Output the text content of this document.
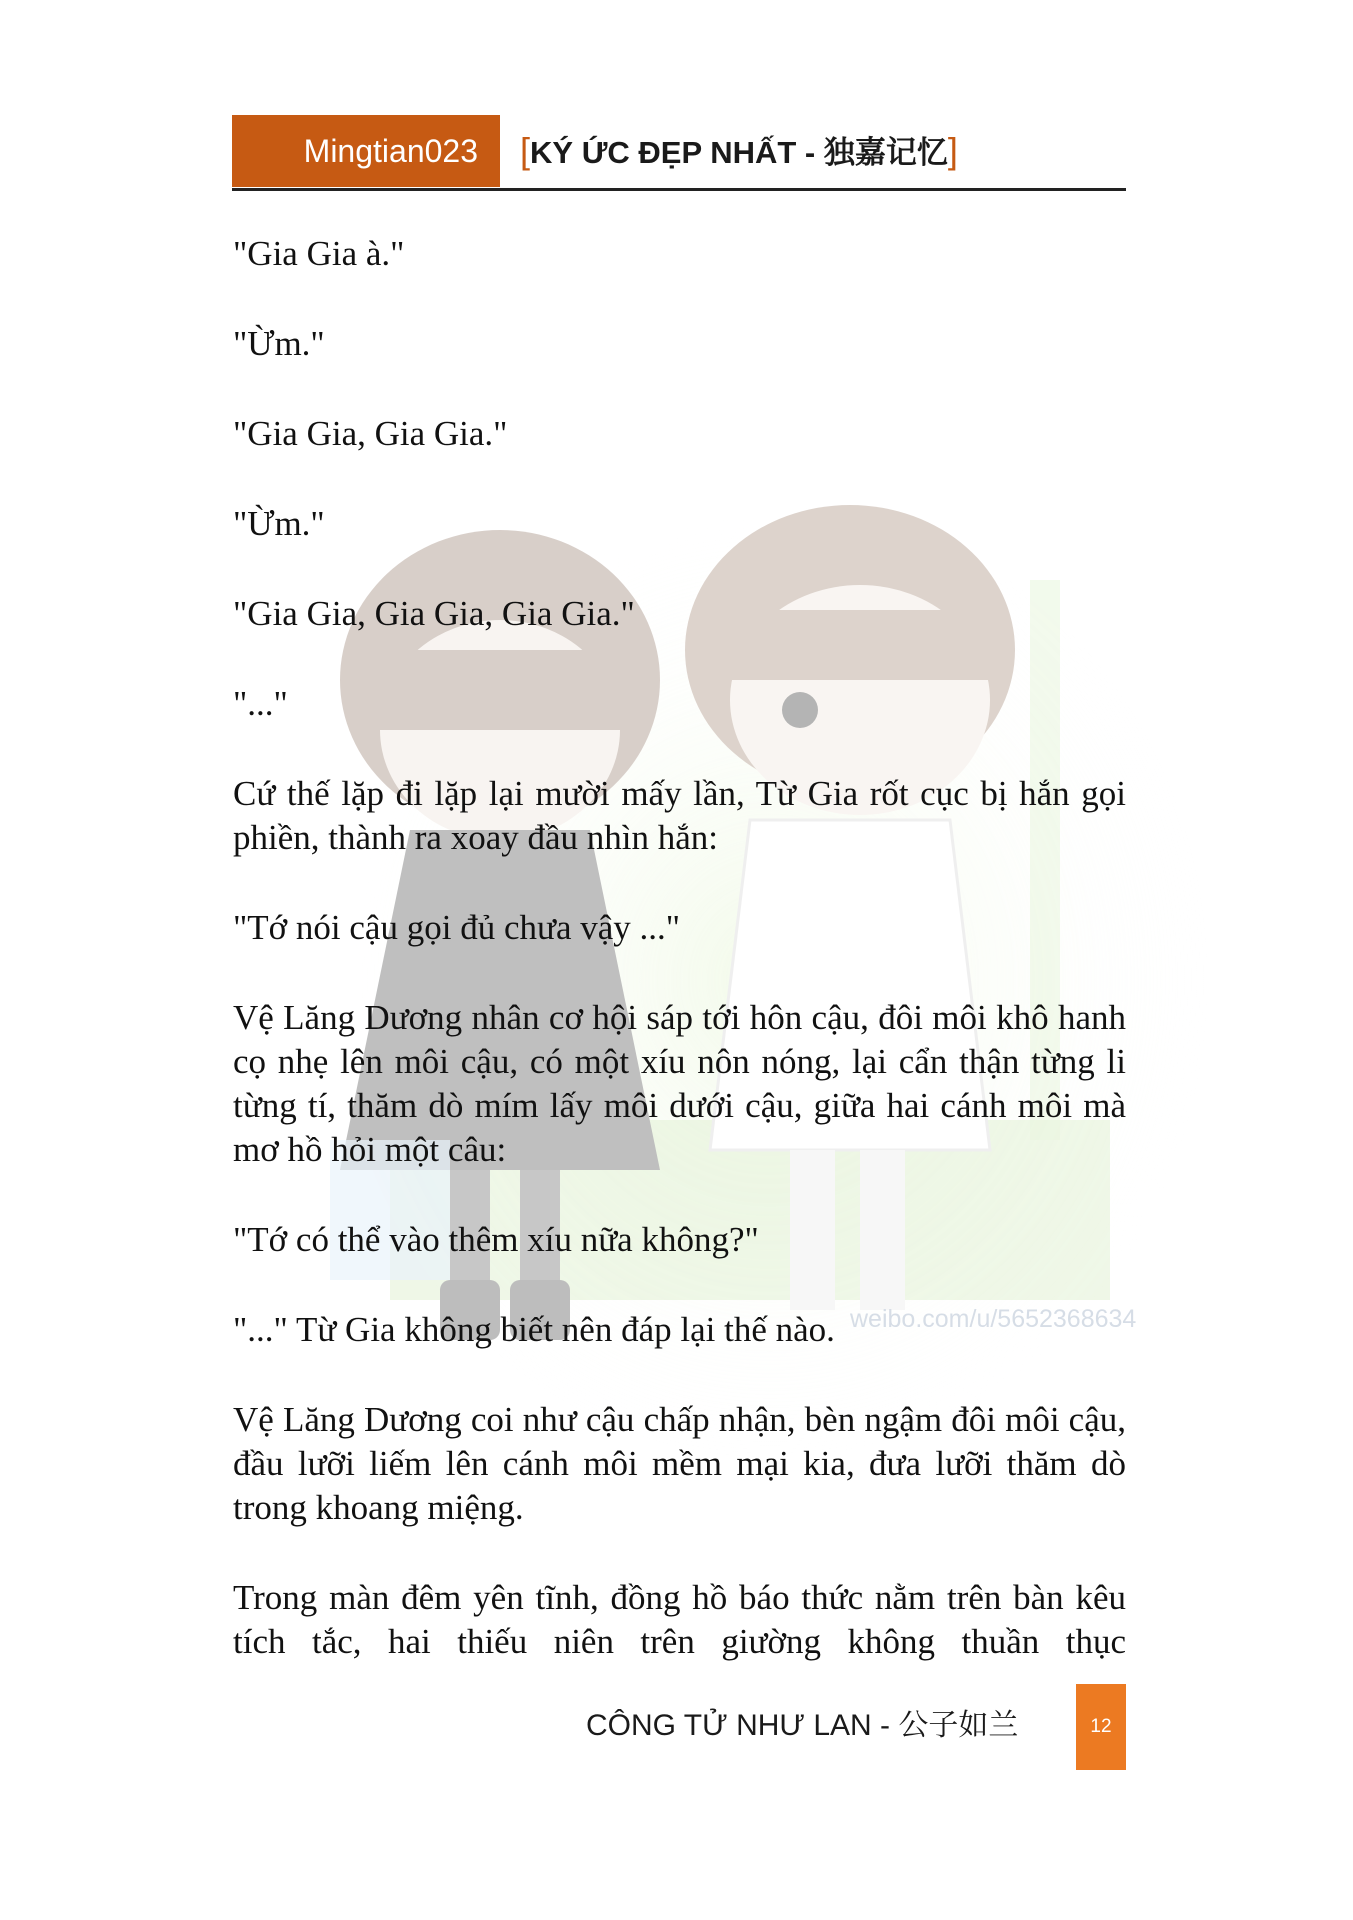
weibo.com/u/5652368634
Mingtian023 [KÝ ỨC ĐẸP NHẤT - 独嘉记忆]

"Gia Gia à."

"Ừm."

"Gia Gia, Gia Gia."

"Ừm."

"Gia Gia, Gia Gia, Gia Gia."

"..."

Cứ thế lặp đi lặp lại mười mấy lần, Từ Gia rốt cục bị hắn gọi phiền, thành ra xoay đầu nhìn hắn:

"Tớ nói cậu gọi đủ chưa vậy ..."

Vệ Lăng Dương nhân cơ hội sáp tới hôn cậu, đôi môi khô hanh cọ nhẹ lên môi cậu, có một xíu nôn nóng, lại cẩn thận từng li từng tí, thăm dò mím lấy môi dưới cậu, giữa hai cánh môi mà mơ hồ hỏi một câu:

"Tớ có thể vào thêm xíu nữa không?"

"..." Từ Gia không biết nên đáp lại thế nào.

Vệ Lăng Dương coi như cậu chấp nhận, bèn ngậm đôi môi cậu, đầu lưỡi liếm lên cánh môi mềm mại kia, đưa lưỡi thăm dò trong khoang miệng.

Trong màn đêm yên tĩnh, đồng hồ báo thức nằm trên bàn kêu tích tắc, hai thiếu niên trên giường không thuần thục

CÔNG TỬ NHƯ LAN - 公子如兰	12
